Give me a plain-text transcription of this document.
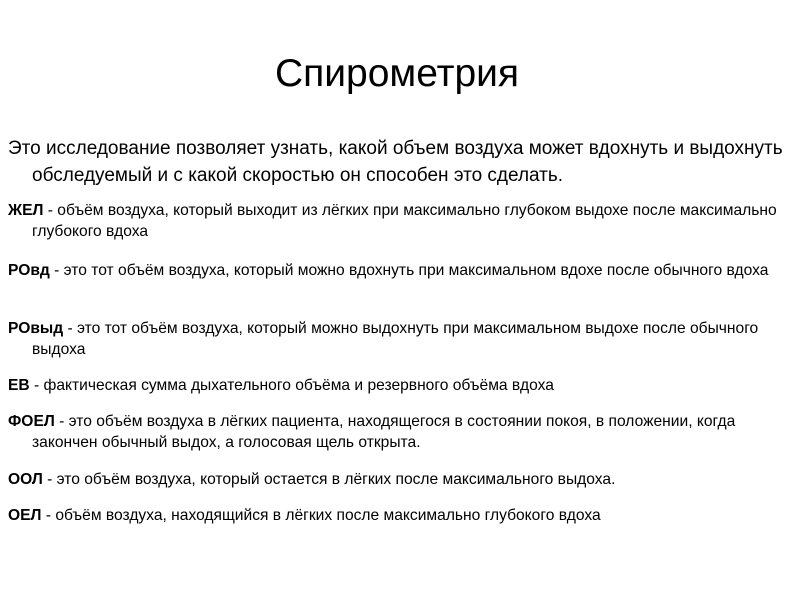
Спирометрия

Это исследование позволяет узнать, какой объем воздуха может вдохнуть и выдохнуть обследуемый и с какой скоростью он способен это сделать.

ЖЕЛ - объём воздуха, который выходит из лёгких при максимально глубоком выдохе после максимально глубокого вдоха

РОвд - это тот объём воздуха, который можно вдохнуть при максимальном вдохе после обычного вдоха

РОвыд - это тот объём воздуха, который можно выдохнуть при максимальном выдохе после обычного выдоха

ЕВ - фактическая сумма дыхательного объёма и резервного объёма вдоха

ФОЕЛ - это объём воздуха в лёгких пациента, находящегося в состоянии покоя, в положении, когда закончен обычный выдох, а голосовая щель открыта.

ООЛ - это объём воздуха, который остается в лёгких после максимального выдоха.

ОЕЛ - объём воздуха, находящийся в лёгких после максимально глубокого вдоха
